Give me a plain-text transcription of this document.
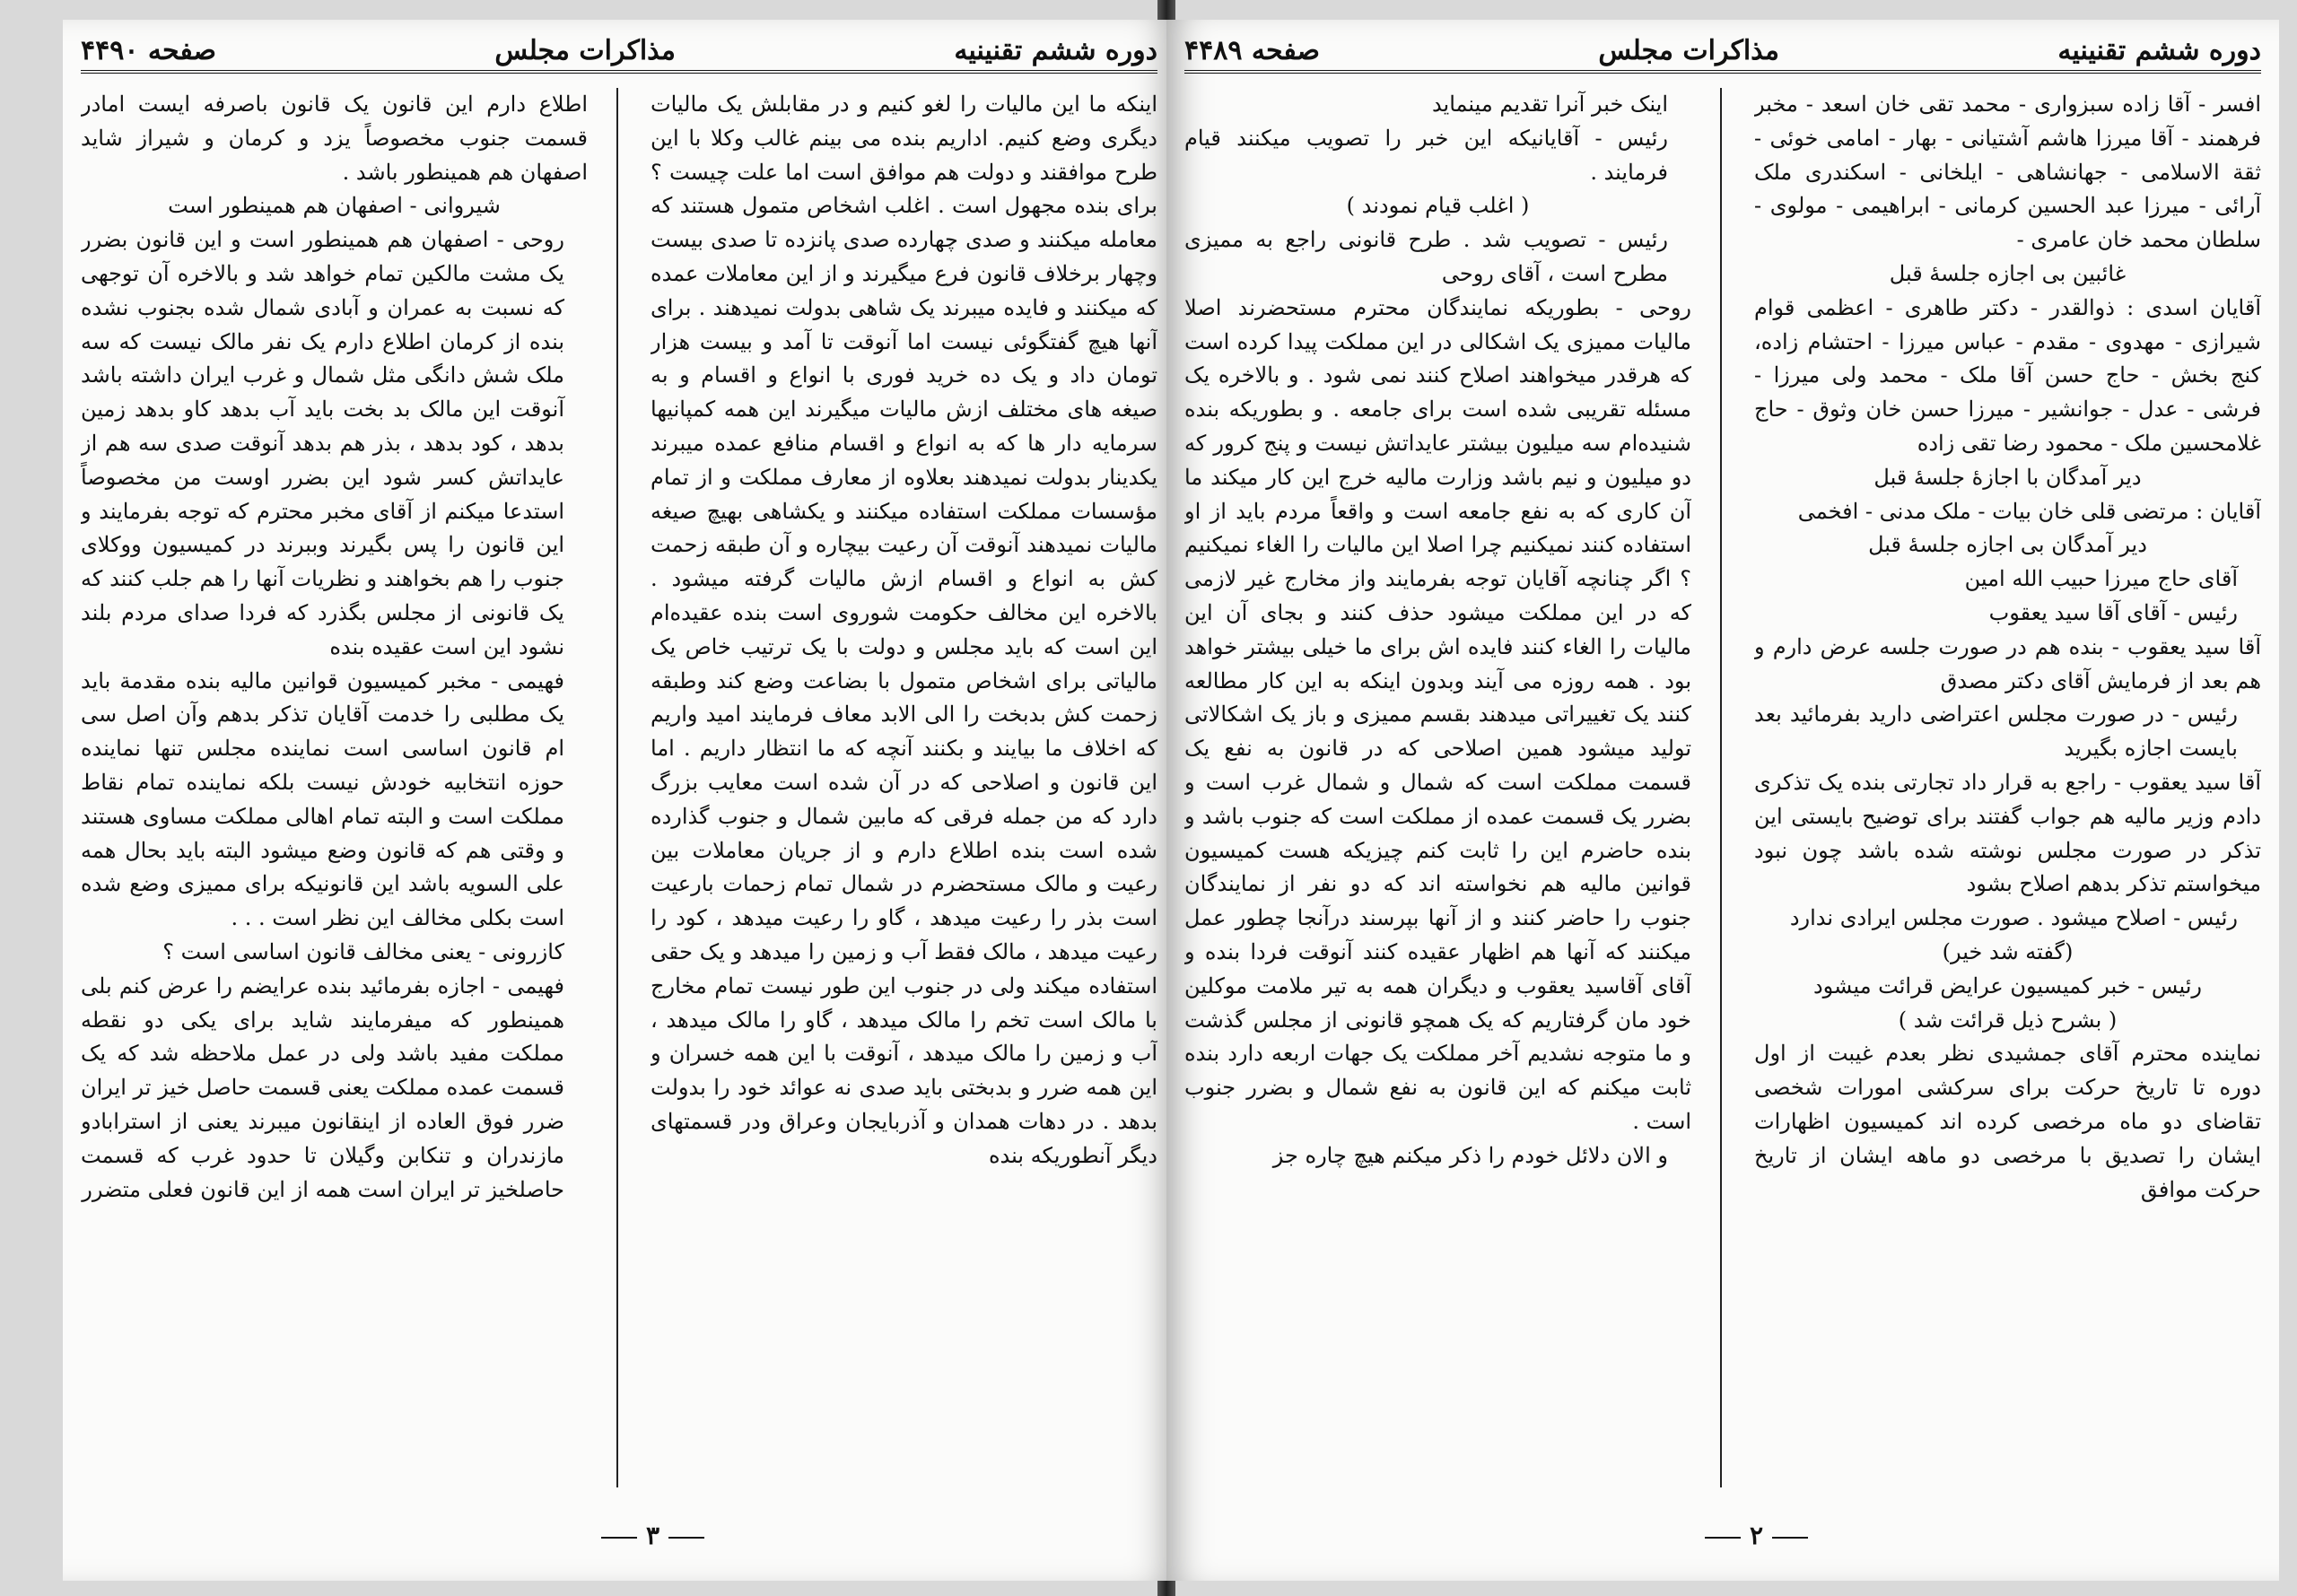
دوره ششم تقنینیه
مذاکرات مجلس
صفحه ۴۴۹۰

اینکه ما این مالیات را لغو کنیم و در مقابلش یک مالیات دیگری وضع کنیم. اداریم بنده می بینم غالب وکلا با این طرح موافقند و دولت هم موافق است اما علت چیست ؟ برای بنده مجهول است . اغلب اشخاص متمول هستند که معامله میکنند و صدی چهارده صدی پانزده تا صدی بیست وچهار برخلاف قانون فرع میگیرند و از این معاملات عمده که میکنند و فایده میبرند یک شاهی بدولت نمیدهند . برای آنها هیچ گفتگوئی نیست اما آنوقت تا آمد و بیست هزار تومان داد و یک ده خرید فوری با انواع و اقسام و به صیغه های مختلف ازش مالیات میگیرند این همه کمپانیها سرمایه دار ها که به انواع و اقسام منافع عمده میبرند یکدینار بدولت نمیدهند بعلاوه از معارف مملکت و از تمام مؤسسات مملکت استفاده میکنند و یکشاهی بهیچ صیغه مالیات نمیدهند آنوقت آن رعیت بیچاره و آن طبقه زحمت کش به انواع و اقسام ازش مالیات گرفته میشود . بالاخره این مخالف حکومت شوروی است بنده عقیده‌ام این است که باید مجلس و دولت با یک ترتیب خاص یک مالیاتی برای اشخاص متمول با بضاعت وضع کند وطبقه زحمت کش بدبخت را الی الابد معاف فرمایند امید واریم که اخلاف ما بیایند و بکنند آنچه که ما انتظار داریم . اما این قانون و اصلاحی که در آن شده است معایب بزرگ دارد که من جمله فرقی که مابین شمال و جنوب گذارده شده است بنده اطلاع دارم و از جریان معاملات بین رعیت و مالک مستحضرم در شمال تمام زحمات بارعیت است بذر را رعیت میدهد ، گاو را رعیت میدهد ، کود را رعیت میدهد ، مالک فقط آب و زمین را میدهد و یک حقی استفاده میکند ولی در جنوب این طور نیست تمام مخارج با مالک است تخم را مالک میدهد ، گاو را مالک میدهد ، آب و زمین را مالک میدهد ، آنوقت با این همه خسران و این همه ضرر و بدبختی باید صدی نه عوائد خود را بدولت بدهد . در دهات همدان و آذربایجان وعراق ودر قسمتهای دیگر آنطوریکه بنده

اطلاع دارم این قانون یک قانون باصرفه ایست امادر قسمت جنوب مخصوصاً یزد و کرمان و شیراز شاید اصفهان هم همینطور باشد .

شیروانی - اصفهان هم همینطور است

روحی - اصفهان هم همینطور است و این قانون بضرر یک مشت مالکین تمام خواهد شد و بالاخره آن توجهی که نسبت به عمران و آبادی شمال شده بجنوب نشده بنده از کرمان اطلاع دارم یک نفر مالک نیست که سه ملک شش دانگی مثل شمال و غرب ایران داشته باشد آنوقت این مالک بد بخت باید آب بدهد کاو بدهد زمین بدهد ، کود بدهد ، بذر هم بدهد آنوقت صدی سه هم از عایداتش کسر شود این بضرر اوست من مخصوصاً استدعا میکنم از آقای مخبر محترم که توجه بفرمایند و این قانون را پس بگیرند وببرند در کمیسیون ووکلای جنوب را هم بخواهند و نظریات آنها را هم جلب کنند که یک قانونی از مجلس بگذرد که فردا صدای مردم بلند نشود این است عقیده بنده

فهیمی - مخبر کمیسیون قوانین مالیه بنده مقدمة باید یک مطلبی را خدمت آقایان تذکر بدهم وآن اصل سی ام قانون اساسی است نماینده مجلس تنها نماینده حوزه انتخابیه خودش نیست بلکه نماینده تمام نقاط مملکت است و البته تمام اهالی مملکت مساوی هستند و وقتی هم که قانون وضع میشود البته باید بحال همه علی السویه باشد این قانونیکه برای ممیزی وضع شده است بکلی مخالف این نظر است . . .

کازرونی - یعنی مخالف قانون اساسی است ؟

فهیمی - اجازه بفرمائید بنده عرایضم را عرض کنم بلی همینطور که میفرمایند شاید برای یکی دو نقطه مملکت مفید باشد ولی در عمل ملاحظه شد که یک قسمت عمده مملکت یعنی قسمت حاصل خیز تر ایران ضرر فوق العاده از اینقانون میبرند یعنی از استرابادو مازندران و تنکابن وگیلان تا حدود غرب که قسمت حاصلخیز تر ایران است همه از این قانون فعلی متضرر

۳
دوره ششم تقنینیه
مذاکرات مجلس
صفحه ۴۴۸۹

افسر - آقا زاده سبزواری - محمد تقی خان اسعد - مخبر فرهمند - آقا میرزا هاشم آشتیانی - بهار - امامی خوئی - ثقة الاسلامی - جهانشاهی - ایلخانی - اسکندری ملک آرائی - میرزا عبد الحسین کرمانی - ابراهیمی - مولوی - سلطان محمد خان عامری -

غائبین بی اجازه جلسهٔ قبل

آقایان اسدی : ذوالقدر - دکتر طاهری - اعظمی قوام شیرازی - مهدوی - مقدم - عباس میرزا - احتشام زاده، کنج بخش - حاج حسن آقا ملک - محمد ولی میرزا - فرشی - عدل - جوانشیر - میرزا حسن خان وثوق - حاج غلامحسین ملک - محمود رضا تقی زاده

دیر آمدگان با اجازهٔ جلسهٔ قبل

آقایان : مرتضی قلی خان بیات - ملک مدنی - افخمی

دیر آمدگان بی اجازه جلسهٔ قبل

آقای حاج میرزا حبیب الله امین

رئیس - آقای آقا سید یعقوب

آقا سید یعقوب - بنده هم در صورت جلسه عرض دارم و هم بعد از فرمایش آقای دکتر مصدق

رئیس - در صورت مجلس اعتراضی دارید بفرمائید بعد بایست اجازه بگیرید

آقا سید یعقوب - راجع به قرار داد تجارتی بنده یک تذکری دادم وزیر مالیه هم جواب گفتند برای توضیح بایستی این تذکر در صورت مجلس نوشته شده باشد چون نبود میخواستم تذکر بدهم اصلاح بشود

رئیس - اصلاح میشود . صورت مجلس ایرادی ندارد

(گفته شد خیر)

رئیس - خبر کمیسیون عرایض قرائت میشود

( بشرح ذیل قرائت شد )

نماینده محترم آقای جمشیدی نظر بعدم غیبت از اول دوره تا تاریخ حرکت برای سرکشی امورات شخصی تقاضای دو ماه مرخصی کرده اند کمیسیون اظهارات ایشان را تصدیق با مرخصی دو ماهه ایشان از تاریخ حرکت موافق

اینک خبر آنرا تقدیم مینماید

رئیس - آقایانیکه این خبر را تصویب میکنند قیام فرمایند .

( اغلب قیام نمودند )

رئیس - تصویب شد . طرح قانونی راجع به ممیزی مطرح است ، آقای روحی

روحی - بطوریکه نمایندگان محترم مستحضرند اصلا مالیات ممیزی یک اشکالی در این مملکت پیدا کرده است که هرقدر میخواهند اصلاح کنند نمی شود . و بالاخره یک مسئله تقریبی شده است برای جامعه . و بطوریکه بنده شنیده‌ام سه میلیون بیشتر عایداتش نیست و پنج کرور که دو میلیون و نیم باشد وزارت مالیه خرج این کار میکند ما آن کاری که به نفع جامعه است و واقعاً مردم باید از او استفاده کنند نمیکنیم چرا اصلا این مالیات را الغاء نمیکنیم ؟ اگر چنانچه آقایان توجه بفرمایند واز مخارج غیر لازمی که در این مملکت میشود حذف کنند و بجای آن این مالیات را الغاء کنند فایده اش برای ما خیلی بیشتر خواهد بود . همه روزه می آیند وبدون اینکه به این کار مطالعه کنند یک تغییراتی میدهند بقسم ممیزی و باز یک اشکالاتی تولید میشود همین اصلاحی که در قانون به نفع یک قسمت مملکت است که شمال و شمال غرب است و بضرر یک قسمت عمده از مملکت است که جنوب باشد و بنده حاضرم این را ثابت کنم چیزیکه هست کمیسیون قوانین مالیه هم نخواسته اند که دو نفر از نمایندگان جنوب را حاضر کنند و از آنها بپرسند درآنجا چطور عمل میکنند که آنها هم اظهار عقیده کنند آنوقت فردا بنده و آقای آقاسید یعقوب و دیگران همه به تیر ملامت موکلین خود مان گرفتاریم که یک همچو قانونی از مجلس گذشت و ما متوجه نشدیم آخر مملکت یک جهات اربعه دارد بنده ثابت میکنم که این قانون به نفع شمال و بضرر جنوب است .

و الان دلائل خودم را ذکر میکنم هیچ چاره جز

۲
